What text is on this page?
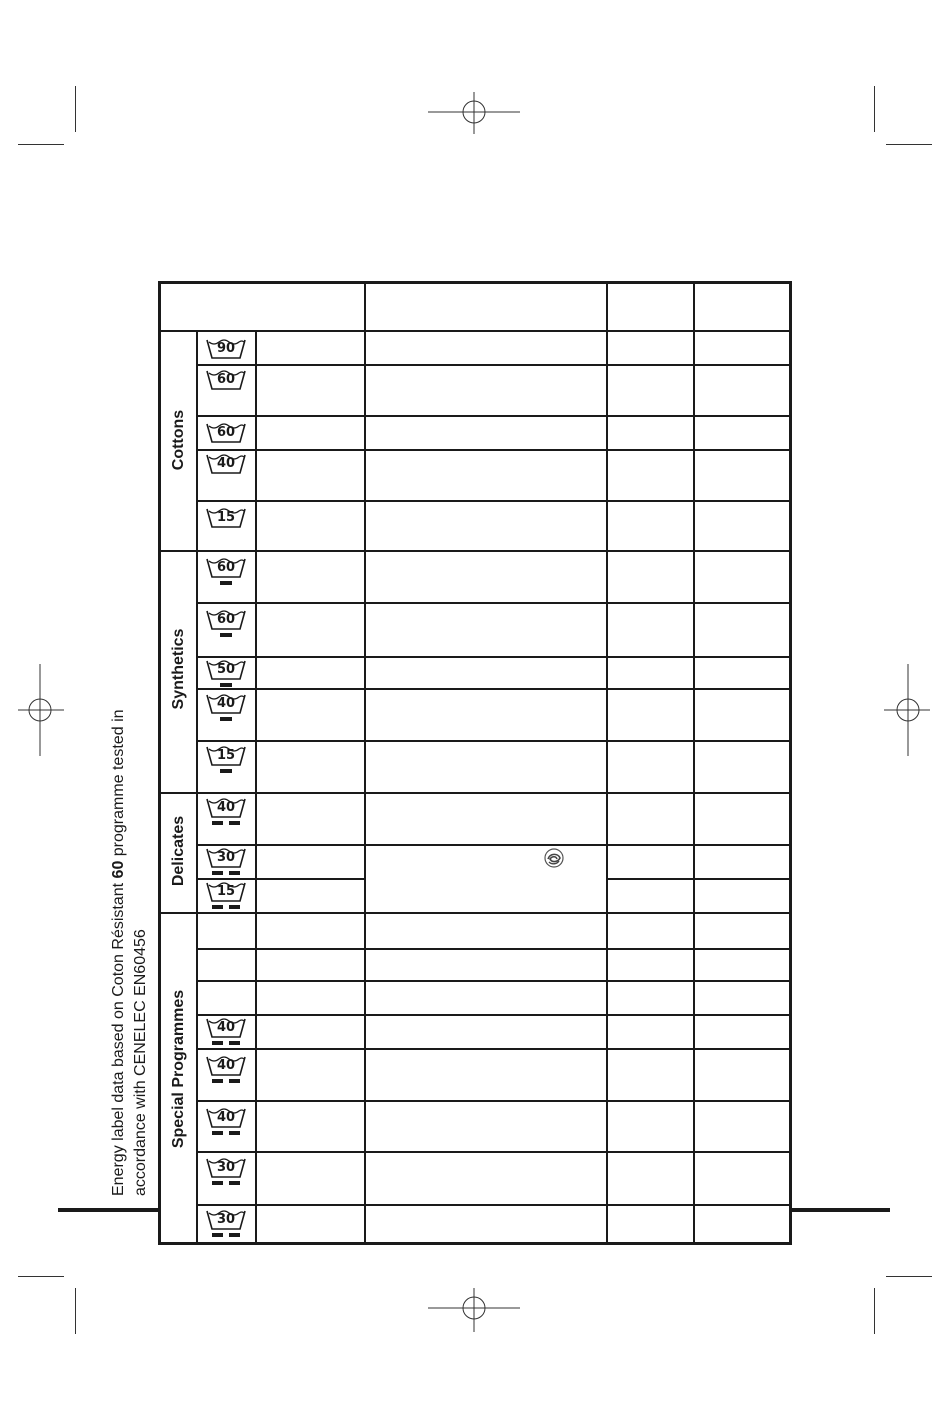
Energy label data based on Coton Résistant 60 programme tested in
accordance with CENELEC EN60456
Cottons
Synthetics
Delicates
Special Programmes
90
60
60
40
15
60
60
50
40
15
40
30
15
40
40
40
30
30
